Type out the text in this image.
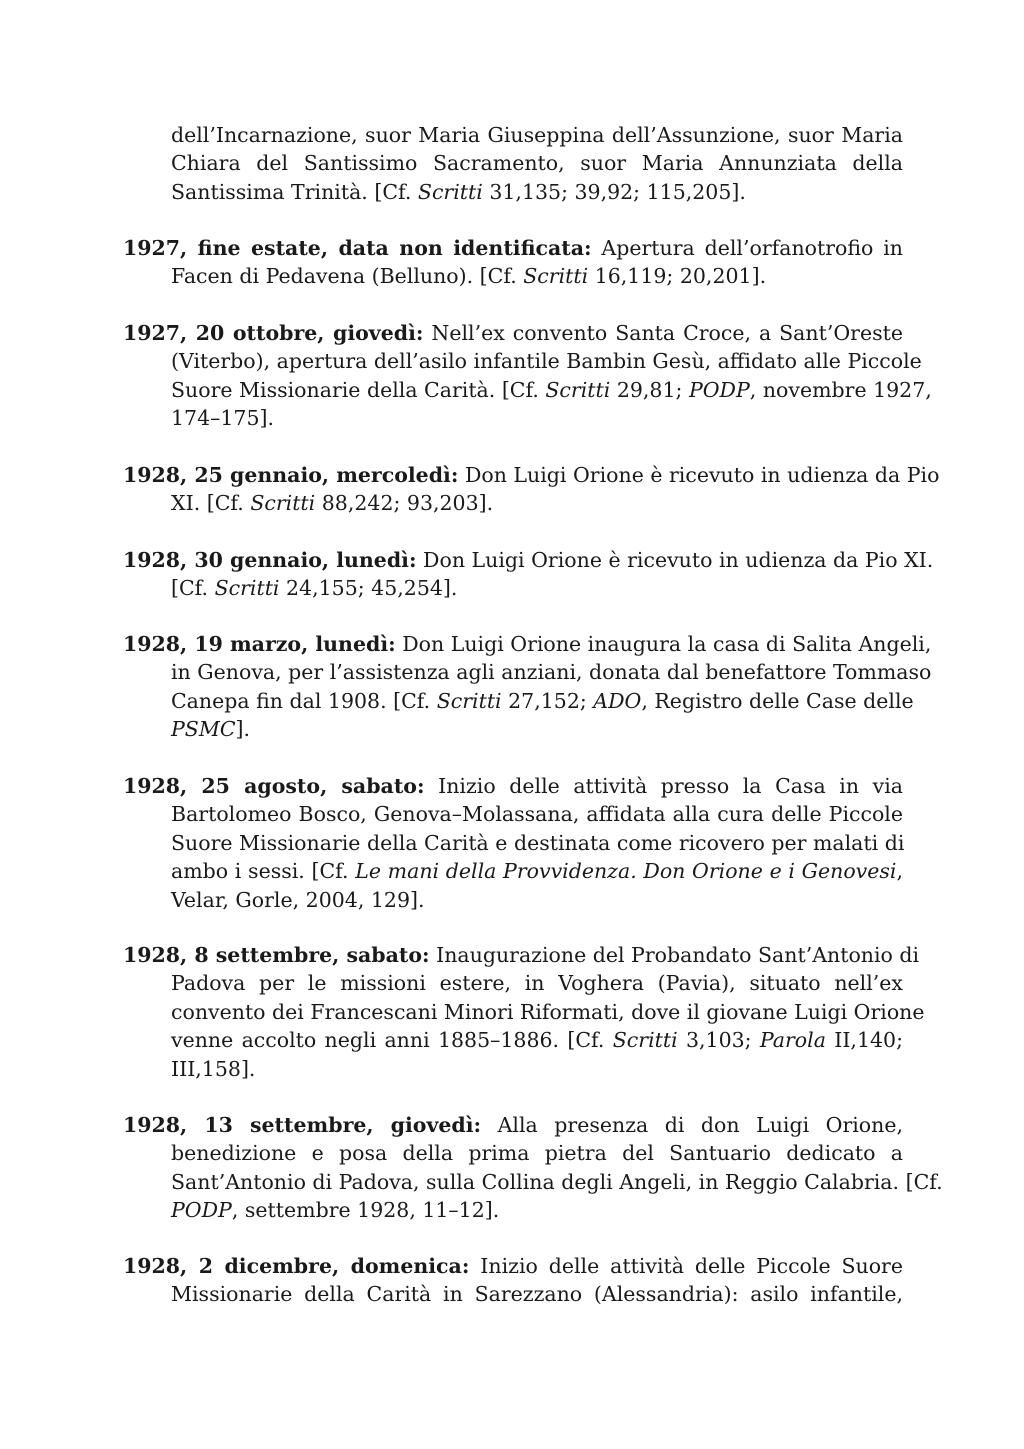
dell’Incarnazione, suor Maria Giuseppina dell’Assunzione, suor Maria
Chiara del Santissimo Sacramento, suor Maria Annunziata della
Santissima Trinità. [Cf. Scritti 31,135; 39,92; 115,205].
1927, fine estate, data non identificata: Apertura dell’orfanotrofio in
Facen di Pedavena (Belluno). [Cf. Scritti 16,119; 20,201].
1927, 20 ottobre, giovedì: Nell’ex convento Santa Croce, a Sant’Oreste
(Viterbo), apertura dell’asilo infantile Bambin Gesù, affidato alle Piccole
Suore Missionarie della Carità. [Cf. Scritti 29,81; PODP, novembre 1927,
174–175].
1928, 25 gennaio, mercoledì: Don Luigi Orione è ricevuto in udienza da Pio
XI. [Cf. Scritti 88,242; 93,203].
1928, 30 gennaio, lunedì: Don Luigi Orione è ricevuto in udienza da Pio XI.
[Cf. Scritti 24,155; 45,254].
1928, 19 marzo, lunedì: Don Luigi Orione inaugura la casa di Salita Angeli,
in Genova, per l’assistenza agli anziani, donata dal benefattore Tommaso
Canepa fin dal 1908. [Cf. Scritti 27,152; ADO, Registro delle Case delle
PSMC].
1928, 25 agosto, sabato: Inizio delle attività presso la Casa in via
Bartolomeo Bosco, Genova–Molassana, affidata alla cura delle Piccole
Suore Missionarie della Carità e destinata come ricovero per malati di
ambo i sessi. [Cf. Le mani della Provvidenza. Don Orione e i Genovesi,
Velar, Gorle, 2004, 129].
1928, 8 settembre, sabato: Inaugurazione del Probandato Sant’Antonio di
Padova per le missioni estere, in Voghera (Pavia), situato nell’ex
convento dei Francescani Minori Riformati, dove il giovane Luigi Orione
venne accolto negli anni 1885–1886. [Cf. Scritti 3,103; Parola II,140;
III,158].
1928, 13 settembre, giovedì: Alla presenza di don Luigi Orione,
benedizione e posa della prima pietra del Santuario dedicato a
Sant’Antonio di Padova, sulla Collina degli Angeli, in Reggio Calabria. [Cf.
PODP, settembre 1928, 11–12].
1928, 2 dicembre, domenica: Inizio delle attività delle Piccole Suore
Missionarie della Carità in Sarezzano (Alessandria): asilo infantile,
